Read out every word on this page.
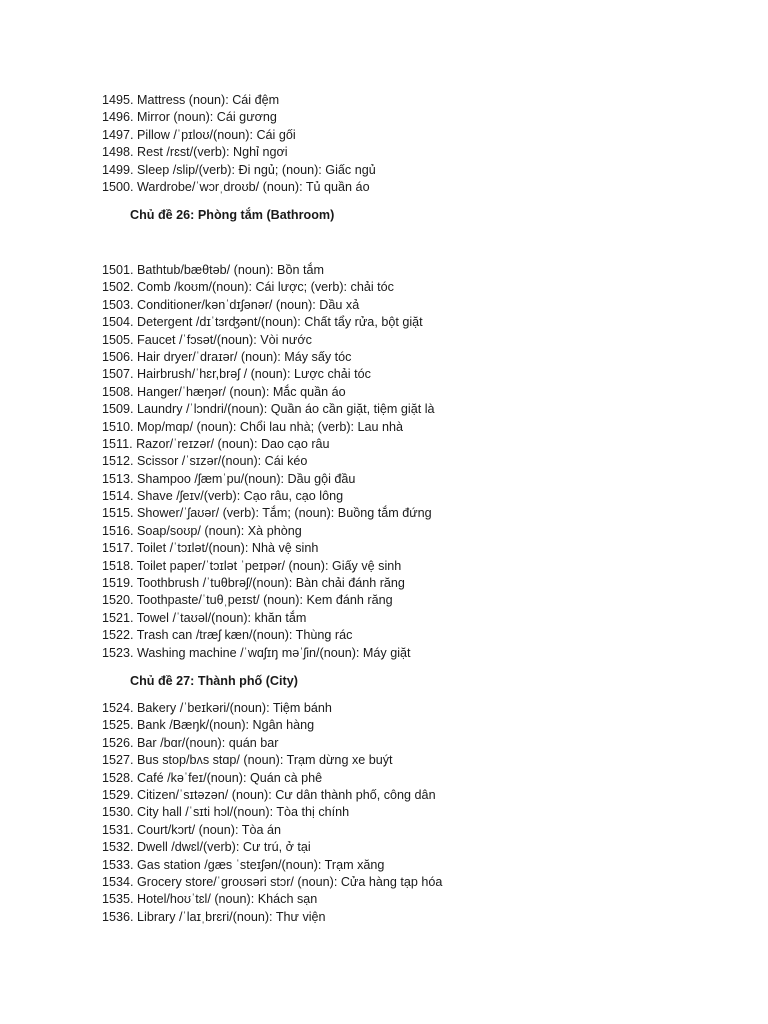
1495. Mattress (noun): Cái đệm
1496. Mirror (noun): Cái gương
1497. Pillow /ˈpɪloʊ/(noun): Cái gối
1498. Rest /rɛst/(verb): Nghỉ ngơi
1499. Sleep /slip/(verb): Đi ngủ; (noun): Giấc ngủ
1500. Wardrobe/ˈwɔrˌdroʊb/ (noun): Tủ quần áo
Chủ đề 26: Phòng tắm (Bathroom)
1501. Bathtub/bæθtəb/ (noun): Bồn tắm
1502. Comb /koʊm/(noun): Cái lược; (verb): chải tóc
1503. Conditioner/kənˈdɪʃənər/ (noun): Dầu xả
1504. Detergent /dɪˈtɜrʤənt/(noun): Chất tẩy rửa, bột giặt
1505. Faucet /ˈfɔsət/(noun): Vòi nước
1506. Hair dryer/ˈdraɪər/ (noun): Máy sấy tóc
1507. Hairbrush/ˈhɛr,brəʃ / (noun): Lược chải tóc
1508. Hanger/ˈhæŋər/ (noun): Mắc quần áo
1509. Laundry /ˈlɔndri/(noun): Quần áo cần giặt, tiệm giặt là
1510. Mop/mɑp/ (noun): Chổi lau nhà; (verb): Lau nhà
1511. Razor/ˈreɪzər/ (noun): Dao cạo râu
1512. Scissor /ˈsɪzər/(noun): Cái kéo
1513. Shampoo /ʃæmˈpu/(noun): Dầu gội đầu
1514. Shave /ʃeɪv/(verb): Cạo râu, cạo lông
1515. Shower/ˈʃaʊər/ (verb): Tắm; (noun): Buồng tắm đứng
1516. Soap/soʊp/ (noun): Xà phòng
1517. Toilet /ˈtɔɪlət/(noun): Nhà vệ sinh
1518. Toilet paper/ˈtɔɪlət ˈpeɪpər/ (noun): Giấy vệ sinh
1519. Toothbrush /ˈtuθbrəʃ/(noun): Bàn chải đánh răng
1520. Toothpaste/ˈtuθˌpeɪst/ (noun): Kem đánh răng
1521. Towel /ˈtaʊəl/(noun): khăn tắm
1522. Trash can /træʃ kæn/(noun): Thùng rác
1523. Washing machine /ˈwɑʃɪŋ məˈʃin/(noun): Máy giặt
Chủ đề 27: Thành phố (City)
1524. Bakery /ˈbeɪkəri/(noun): Tiệm bánh
1525. Bank /Bæŋk/(noun): Ngân hàng
1526. Bar /bɑr/(noun): quán bar
1527. Bus stop/bʌs stɑp/ (noun): Trạm dừng xe buýt
1528. Café /kəˈfeɪ/(noun): Quán cà phê
1529. Citizen/ˈsɪtəzən/ (noun): Cư dân thành phố, công dân
1530. City hall /ˈsɪti hɔl/(noun): Tòa thị chính
1531. Court/kɔrt/ (noun): Tòa án
1532. Dwell /dwɛl/(verb): Cư trú, ở tại
1533. Gas station /gæs ˈsteɪʃən/(noun): Trạm xăng
1534. Grocery store/ˈgroʊsəri stɔr/ (noun): Cửa hàng tạp hóa
1535. Hotel/hoʊˈtɛl/ (noun): Khách sạn
1536. Library /ˈlaɪˌbrɛri/(noun): Thư viện
